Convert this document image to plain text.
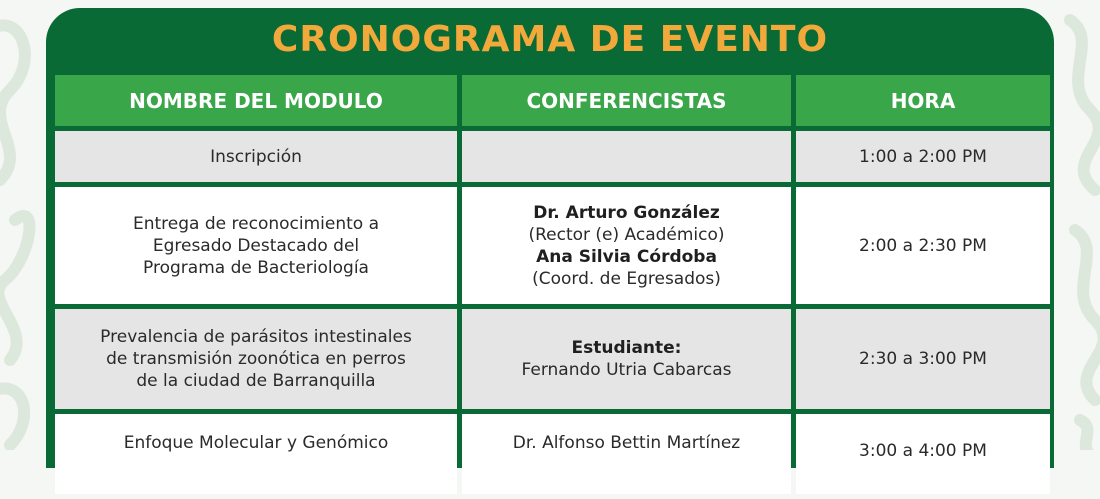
CRONOGRAMA DE EVENTO
NOMBRE DEL MODULO	CONFERENCISTAS	HORA

Inscripción		1:00 a 2:00 PM

Entrega de reconocimiento a
Egresado Destacado del
Programa de Bacteriología	Dr. Arturo González
(Rector (e) Académico)
Ana Silvia Córdoba
(Coord. de Egresados)	2:00 a 2:30 PM

Prevalencia de parásitos intestinales
de transmisión zoonótica en perros
de la ciudad de Barranquilla	Estudiante:
Fernando Utria Cabarcas	2:30 a 3:00 PM

Enfoque Molecular y Genómico	Dr. Alfonso Bettin Martínez	3:00 a 4:00 PM
